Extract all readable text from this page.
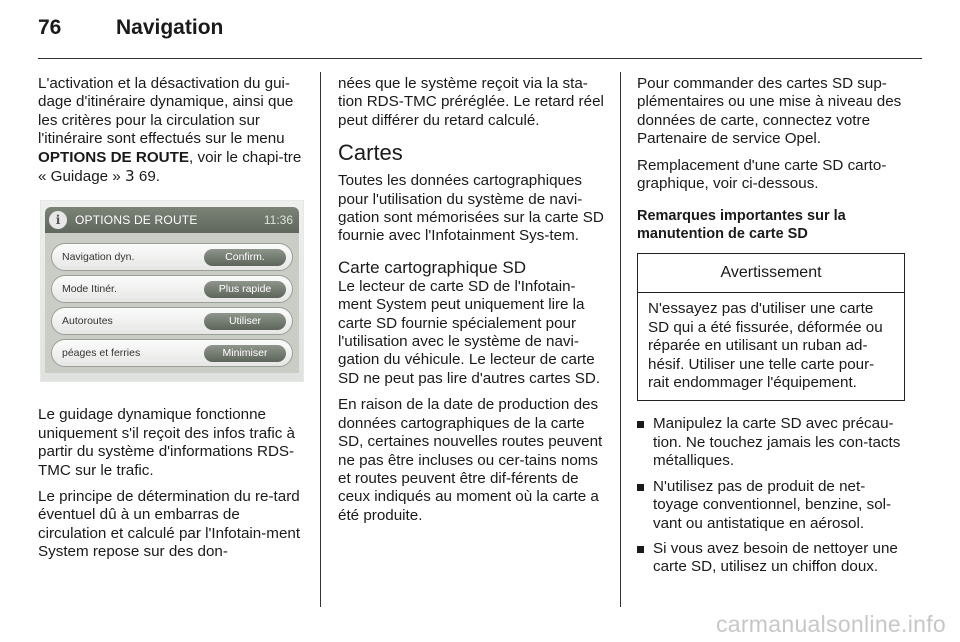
76	Navigation

L'activation et la désactivation du gui-dage d'itinéraire dynamique, ainsi que les critères pour la circulation sur l'itinéraire sont effectués sur le menu OPTIONS DE ROUTE, voir le chapi-tre « Guidage » 3 69.

i	OPTIONS DE ROUTE	11:36
Navigation dyn.	Confirm.
Mode Itinér.	Plus rapide
Autoroutes	Utiliser
péages et ferries	Minimiser

Le guidage dynamique fonctionne uniquement s'il reçoit des infos trafic à partir du système d'informations RDS-TMC sur le trafic.

Le principe de détermination du re-tard éventuel dû à un embarras de circulation et calculé par l'Infotain-ment System repose sur des don-

nées que le système reçoit via la sta-tion RDS-TMC préréglée. Le retard réel peut différer du retard calculé.

Cartes

Toutes les données cartographiques pour l'utilisation du système de navi-gation sont mémorisées sur la carte SD fournie avec l'Infotainment Sys-tem.

Carte cartographique SD

Le lecteur de carte SD de l'Infotain-ment System peut uniquement lire la carte SD fournie spécialement pour l'utilisation avec le système de navi-gation du véhicule. Le lecteur de carte SD ne peut pas lire d'autres cartes SD.

En raison de la date de production des données cartographiques de la carte SD, certaines nouvelles routes peuvent ne pas être incluses ou cer-tains noms et routes peuvent être dif-férents de ceux indiqués au moment où la carte a été produite.

Pour commander des cartes SD sup-plémentaires ou une mise à niveau des données de carte, connectez votre Partenaire de service Opel.

Remplacement d'une carte SD carto-graphique, voir ci-dessous.

Remarques importantes sur la manutention de carte SD
Avertissement
N'essayez pas d'utiliser une carte SD qui a été fissurée, déformée ou réparée en utilisant un ruban ad-hésif. Utiliser une telle carte pour-rait endommager l'équipement.
Manipulez la carte SD avec précau-tion. Ne touchez jamais les con-tacts métalliques.
N'utilisez pas de produit de net-toyage conventionnel, benzine, sol-vant ou antistatique en aérosol.
Si vous avez besoin de nettoyer une carte SD, utilisez un chiffon doux.
carmanualsonline.info
